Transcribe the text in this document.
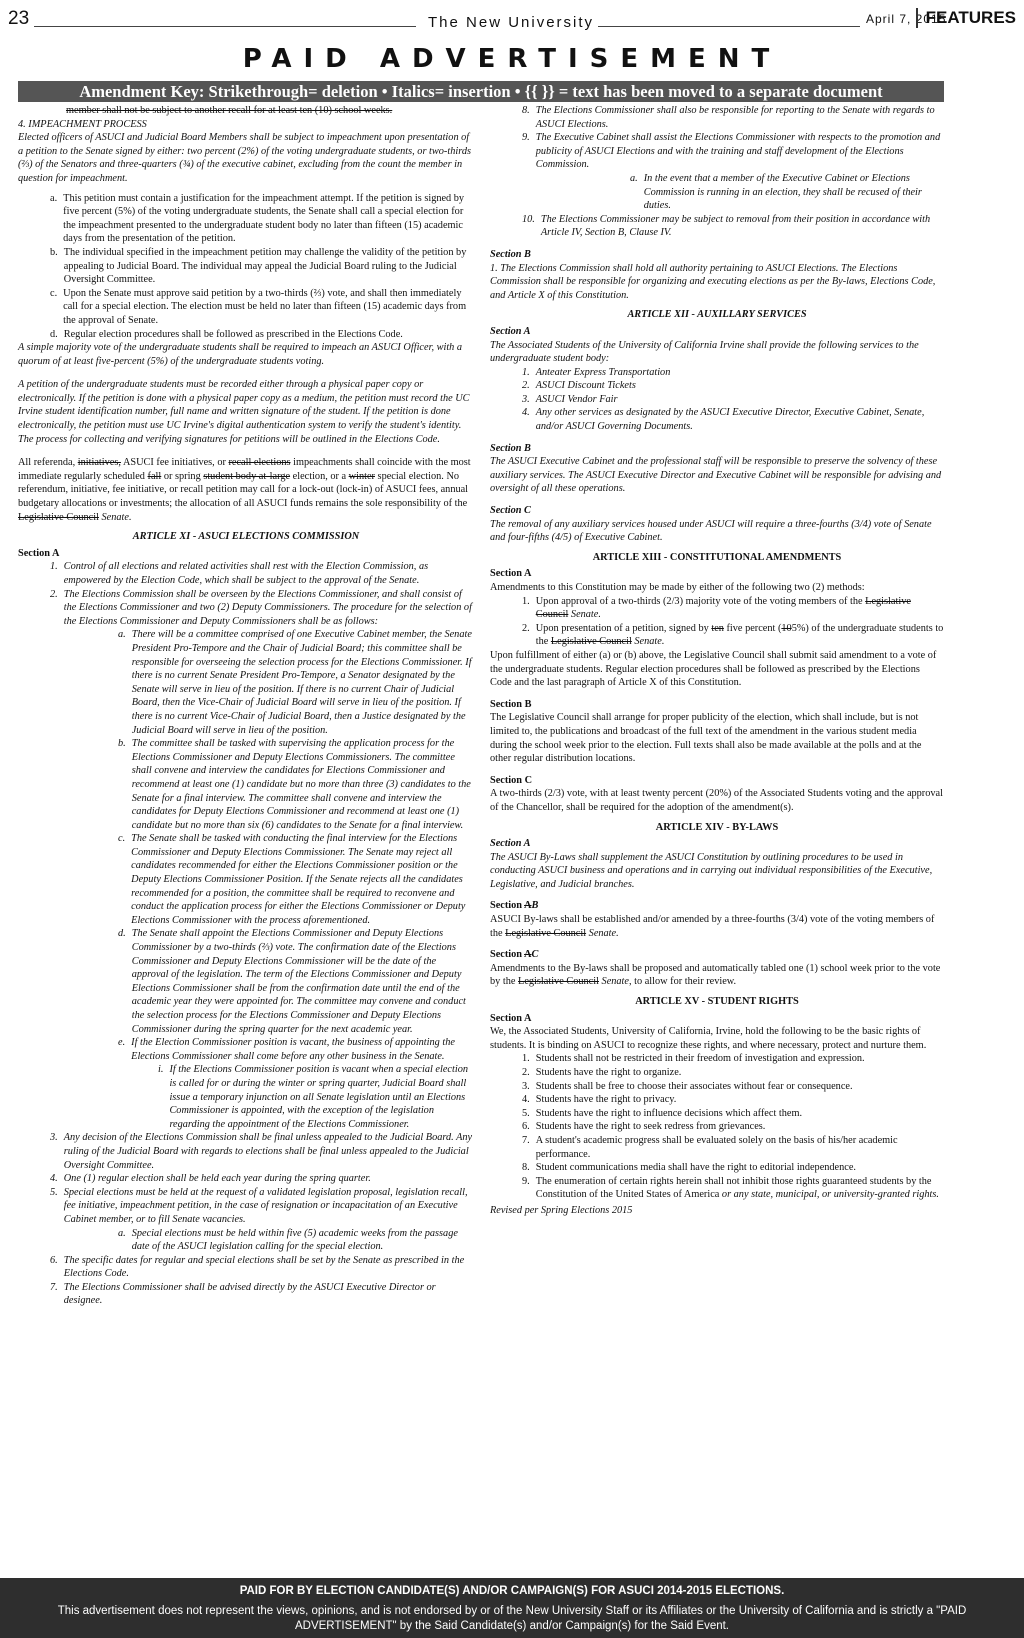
23	The New University	April 7, 2015
FEATURES
PAID ADVERTISEMENT
Amendment Key: Strikethrough= deletion • Italics= insertion • {{ }} = text has been moved to a separate document
member shall not be subject to another recall for at least ten (10) school weeks.
4. IMPEACHMENT PROCESS

Elected officers of ASUCI and Judicial Board Members shall be subject to impeachment upon presentation of a petition to the Senate signed by either: two percent (2%) of the voting undergraduate students, or two-thirds (⅔) of the Senators and three-quarters (¾) of the executive cabinet, excluding from the count the member in question for impeachment.

a. This petition must contain a justification for the impeachment attempt. If the petition is signed by five percent (5%) of the voting undergraduate students, the Senate shall call a special election for the impeachment presented to the undergraduate student body no later than fifteen (15) academic days from the presentation of the petition.
b. The individual specified in the impeachment petition may challenge the validity of the petition by appealing to Judicial Board. The individual may appeal the Judicial Board ruling to the Judicial Oversight Committee.
c. Upon the Senate must approve said petition by a two-thirds (⅔) vote, and shall then immediately call for a special election. The election must be held no later than fifteen (15) academic days from the approval of Senate.
d. Regular election procedures shall be followed as prescribed in the Elections Code.

A simple majority vote of the undergraduate students shall be required to impeach an ASUCI Officer, with a quorum of at least five-percent (5%) of the undergraduate students voting.

A petition of the undergraduate students must be recorded either through a physical paper copy or electronically. If the petition is done with a physical paper copy as a medium, the petition must record the UC Irvine student identification number, full name and written signature of the student. If the petition is done electronically, the petition must use UC Irvine's digital authentication system to verify the student's identity. The process for collecting and verifying signatures for petitions will be outlined in the Elections Code.

All referenda, initiatives, ASUCI fee initiatives, or recall elections impeachments shall coincide with the most immediate regularly scheduled fall or spring student body at-large election, or a winter special election. No referendum, initiative, fee initiative, or recall petition may call for a lock-out (lock-in) of ASUCI fees, annual budgetary allocations or investments; the allocation of all ASUCI funds remains the sole responsibility of the Legislative Council Senate.

ARTICLE XI - ASUCI ELECTIONS COMMISSION
Section A
1. Control of all elections and related activities shall rest with the Election Commission, as empowered by the Election Code, which shall be subject to the approval of the Senate.
2. The Elections Commission shall be overseen by the Elections Commissioner, and shall consist of the Elections Commissioner and two (2) Deputy Commissioners. The procedure for the selection of the Elections Commissioner and Deputy Commissioners shall be as follows:
a. There will be a committee comprised of one Executive Cabinet member, the Senate President Pro-Tempore and the Chair of Judicial Board; this committee shall be responsible for overseeing the selection process for the Elections Commissioner. If there is no current Senate President Pro-Tempore, a Senator designated by the Senate will serve in lieu of the position. If there is no current Chair of Judicial Board, then the Vice-Chair of Judicial Board will serve in lieu of the position. If there is no current Vice-Chair of Judicial Board, then a Justice designated by the Judicial Board will serve in lieu of the position.
b. The committee shall be tasked with supervising the application process for the Elections Commissioner and Deputy Elections Commissioners. The committee shall convene and interview the candidates for Elections Commissioner and recommend at least one (1) candidate but no more than three (3) candidates to the Senate for a final interview. The committee shall convene and interview the candidates for Deputy Elections Commissioner and recommend at least one (1) candidate but no more than six (6) candidates to the Senate for a final interview.
c. The Senate shall be tasked with conducting the final interview for the Elections Commissioner and Deputy Elections Commissioner. The Senate may reject all candidates recommended for either the Elections Commissioner position or the Deputy Elections Commissioner Position. If the Senate rejects all the candidates recommended for a position, the committee shall be required to reconvene and conduct the application process for either the Elections Commissioner or Deputy Elections Commissioner with the process aforementioned.
d. The Senate shall appoint the Elections Commissioner and Deputy Elections Commissioner by a two-thirds (⅔) vote. The confirmation date of the Elections Commissioner and Deputy Elections Commissioner will be the date of the approval of the legislation. The term of the Elections Commissioner and Deputy Elections Commissioner shall be from the confirmation date until the end of the academic year they were appointed for. The committee may convene and conduct the selection process for the Elections Commissioner and Deputy Elections Commissioner during the spring quarter for the next academic year.
e. If the Election Commissioner position is vacant, the business of appointing the Elections Commissioner shall come before any other business in the Senate.
i. If the Elections Commissioner position is vacant when a special election is called for or during the winter or spring quarter, Judicial Board shall issue a temporary injunction on all Senate legislation until an Elections Commissioner is appointed, with the exception of the legislation regarding the appointment of the Elections Commissioner.
3. Any decision of the Elections Commission shall be final unless appealed to the Judicial Board. Any ruling of the Judicial Board with regards to elections shall be final unless appealed to the Judicial Oversight Committee.
4. One (1) regular election shall be held each year during the spring quarter.
5. Special elections must be held at the request of a validated legislation proposal, legislation recall, fee initiative, impeachment petition, in the case of resignation or incapacitation of an Executive Cabinet member, or to fill Senate vacancies.
a. Special elections must be held within five (5) academic weeks from the passage date of the ASUCI legislation calling for the special election.
6. The specific dates for regular and special elections shall be set by the Senate as prescribed in the Elections Code.
7. The Elections Commissioner shall be advised directly by the ASUCI Executive Director or designee.
8. The Elections Commissioner shall also be responsible for reporting to the Senate with regards to ASUCI Elections.
9. The Executive Cabinet shall assist the Elections Commissioner with respects to the promotion and publicity of ASUCI Elections and with the training and staff development of the Elections Commission.
a. In the event that a member of the Executive Cabinet or Elections Commission is running in an election, they shall be recused of their duties.
10. The Elections Commissioner may be subject to removal from their position in accordance with Article IV, Section B, Clause IV.
Section B

1. The Elections Commission shall hold all authority pertaining to ASUCI Elections. The Elections Commission shall be responsible for organizing and executing elections as per the By-laws, Elections Code, and Article X of this Constitution.

ARTICLE XII - AUXILLARY SERVICES
Section A
The Associated Students of the University of California Irvine shall provide the following services to the undergraduate student body:
1. Anteater Express Transportation
2. ASUCI Discount Tickets
3. ASUCI Vendor Fair
4. Any other services as designated by the ASUCI Executive Director, Executive Cabinet, Senate, and/or ASUCI Governing Documents.
Section B

The ASUCI Executive Cabinet and the professional staff will be responsible to preserve the solvency of these auxiliary services. The ASUCI Executive Director and Executive Cabinet will be responsible for advising and oversight of all these operations.

Section C

The removal of any auxiliary services housed under ASUCI will require a three-fourths (3/4) vote of Senate and four-fifths (4/5) of Executive Cabinet.

ARTICLE XIII - CONSTITUTIONAL AMENDMENTS
Section A
Amendments to this Constitution may be made by either of the following two (2) methods:
1. Upon approval of a two-thirds (2/3) majority vote of the voting members of the Legislative Council Senate.
2. Upon presentation of a petition, signed by ten five percent (105%) of the undergraduate students to the Legislative Council Senate.

Upon fulfillment of either (a) or (b) above, the Legislative Council shall submit said amendment to a vote of the undergraduate students. Regular election procedures shall be followed as prescribed by the Elections Code and the last paragraph of Article X of this Constitution.

Section B

The Legislative Council shall arrange for proper publicity of the election, which shall include, but is not limited to, the publications and broadcast of the full text of the amendment in the various student media during the school week prior to the election. Full texts shall also be made available at the polls and at the other regular distribution locations.

Section C

A two-thirds (2/3) vote, with at least twenty percent (20%) of the Associated Students voting and the approval of the Chancellor, shall be required for the adoption of the amendment(s).

ARTICLE XIV - BY-LAWS
Section A

The ASUCI By-Laws shall supplement the ASUCI Constitution by outlining procedures to be used in conducting ASUCI business and operations and in carrying out individual responsibilities of the Executive, Legislative, and Judicial branches.

Section AB

ASUCI By-laws shall be established and/or amended by a three-fourths (3/4) vote of the voting members of the Legislative Council Senate.

Section AC

Amendments to the By-laws shall be proposed and automatically tabled one (1) school week prior to the vote by the Legislative Council Senate, to allow for their review.

ARTICLE XV - STUDENT RIGHTS
Section A
We, the Associated Students, University of California, Irvine, hold the following to be the basic rights of students. It is binding on ASUCI to recognize these rights, and where necessary, protect and nurture them.
1. Students shall not be restricted in their freedom of investigation and expression.
2. Students have the right to organize.
3. Students shall be free to choose their associates without fear or consequence.
4. Students have the right to privacy.
5. Students have the right to influence decisions which affect them.
6. Students have the right to seek redress from grievances.
7. A student's academic progress shall be evaluated solely on the basis of his/her academic performance.
8. Student communications media shall have the right to editorial independence.
9. The enumeration of certain rights herein shall not inhibit those rights guaranteed students by the Constitution of the United States of America or any state, municipal, or university-granted rights.
Revised per Spring Elections 2015
PAID FOR BY ELECTION CANDIDATE(S) AND/OR CAMPAIGN(S) FOR ASUCI 2014-2015 ELECTIONS.
This advertisement does not represent the views, opinions, and is not endorsed by or of the New University Staff or its Affiliates or the University of California and is strictly a "PAID ADVERTISEMENT" by the Said Candidate(s) and/or Campaign(s) for the Said Event.
